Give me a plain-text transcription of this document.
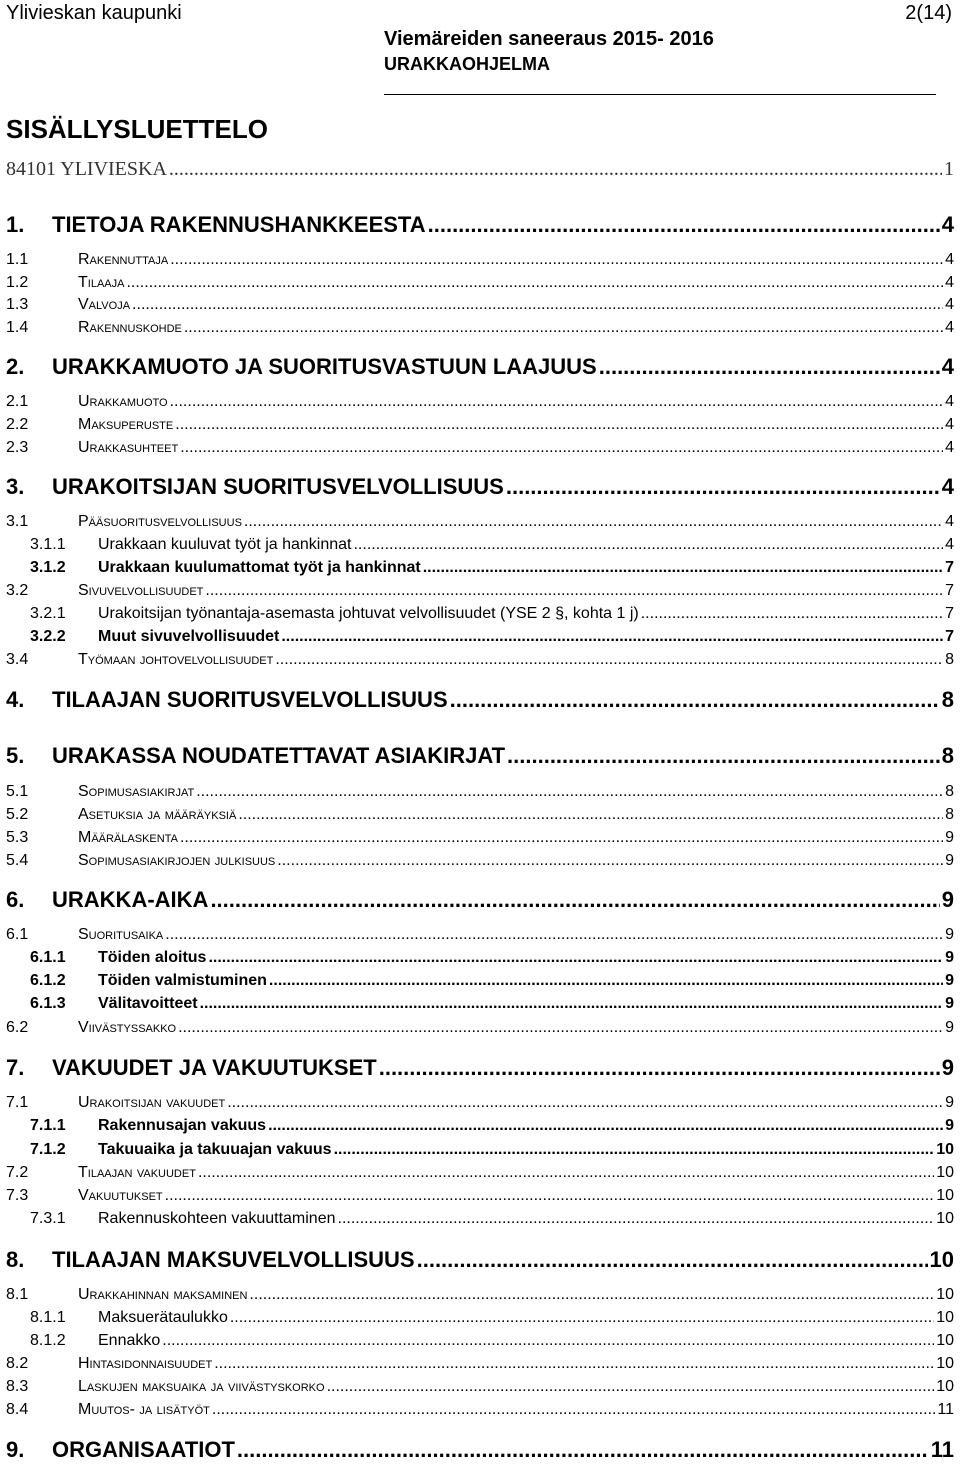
Ylivieskan kaupunki	2(14)
Viemäreiden saneeraus 2015- 2016
URAKKAOHJELMA
SISÄLLYSLUETTELO
84101 YLIVIESKA .....	1
1.	TIETOJA RAKENNUSHANKKEESTA .....	4
1.1	Rakennuttaja .....	4
1.2	Tilaaja .....	4
1.3	Valvoja .....	4
1.4	Rakennuskohde .....	4
2.	URAKKAMUOTO JA SUORITUSVASTUUN LAAJUUS .....	4
2.1	Urakkamuoto .....	4
2.2	Maksuperuste .....	4
2.3	Urakkasuhteet .....	4
3.	URAKOITSIJAN SUORITUSVELVOLLISUUS .....	4
3.1	Pääsuoritusvelvollisuus .....	4
3.1.1	Urakkaan kuuluvat työt ja hankinnat .....	4
3.1.2	Urakkaan kuulumattomat työt ja hankinnat .....	7
3.2	Sivuvelvollisuudet .....	7
3.2.1	Urakoitsijan työnantaja-asemasta johtuvat velvollisuudet (YSE 2 §, kohta 1 j) .....	7
3.2.2	Muut sivuvelvollisuudet .....	7
3.4	Työmaan johtovelvollisuudet .....	8
4.	TILAAJAN SUORITUSVELVOLLISUUS .....	8
5.	URAKASSA NOUDATETTAVAT ASIAKIRJAT .....	8
5.1	Sopimusasiakirjat .....	8
5.2	Asetuksia ja määräyksiä .....	8
5.3	Määrälaskenta .....	9
5.4	Sopimusasiakirjojen julkisuus .....	9
6.	URAKKA-AIKA .....	9
6.1	Suoritusaika .....	9
6.1.1	Töiden aloitus .....	9
6.1.2	Töiden valmistuminen .....	9
6.1.3	Välitavoitteet .....	9
6.2	Viivästyssakko .....	9
7.	VAKUUDET JA VAKUUTUKSET .....	9
7.1	Urakoitsijan vakuudet .....	9
7.1.1	Rakennusajan vakuus .....	9
7.1.2	Takuuaika ja takuuajan vakuus .....	10
7.2	Tilaajan vakuudet .....	10
7.3	Vakuutukset .....	10
7.3.1	Rakennuskohteen vakuuttaminen .....	10
8.	TILAAJAN MAKSUVELVOLLISUUS .....	10
8.1	Urakkahinnan maksaminen .....	10
8.1.1	Maksuerätaulukko .....	10
8.1.2	Ennakko .....	10
8.2	Hintasidonnaisuudet .....	10
8.3	Laskujen maksuaika ja viivästyskorko .....	10
8.4	Muutos- ja lisätyöt .....	11
9.	ORGANISAATIOT .....	11
